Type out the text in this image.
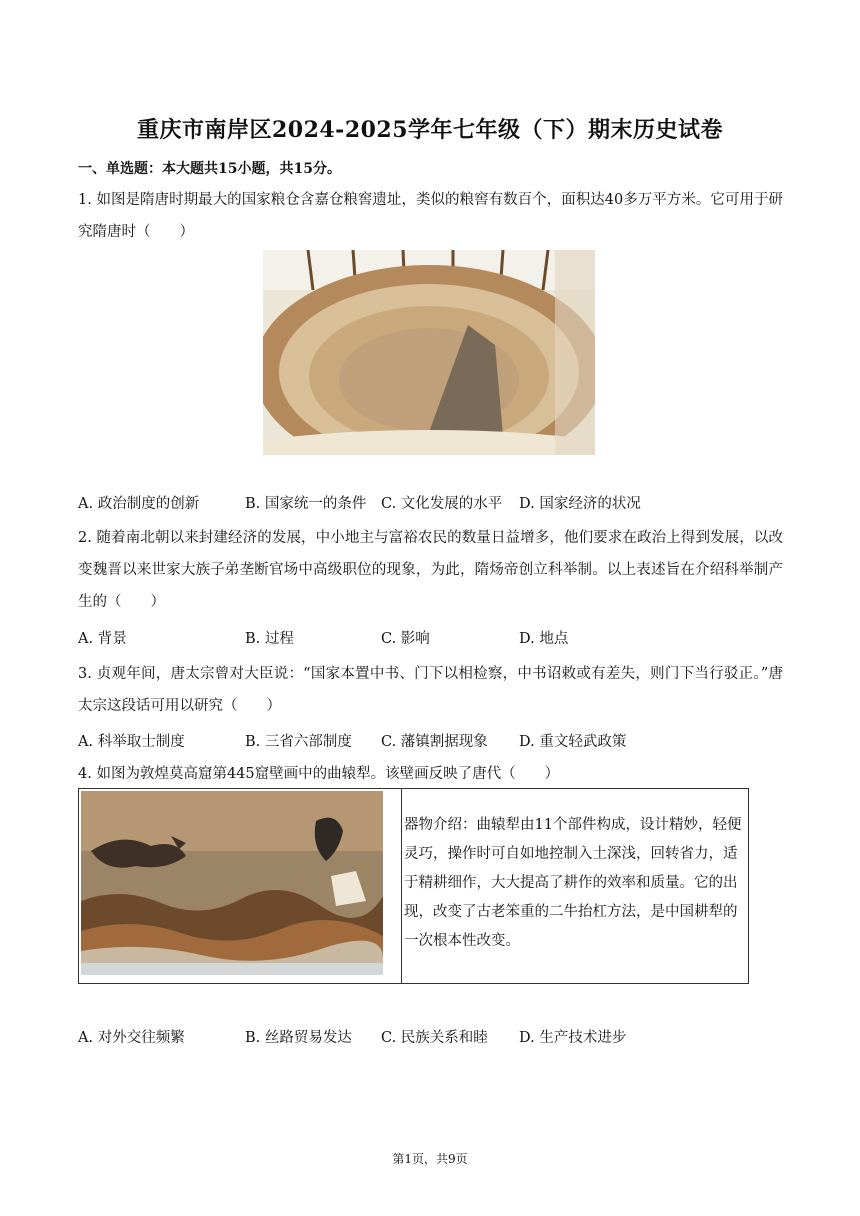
重庆市南岸区2024-2025学年七年级（下）期末历史试卷
一、单选题：本大题共15小题，共15分。
1. 如图是隋唐时期最大的国家粮仓含嘉仓粮窖遗址，类似的粮窖有数百个，面积达40多万平方米。它可用于研究隋唐时（　　）
A. 政治制度的创新	B. 国家统一的条件 C. 文化发展的水平 D. 国家经济的状况
2. 随着南北朝以来封建经济的发展，中小地主与富裕农民的数量日益增多，他们要求在政治上得到发展，以改变魏晋以来世家大族子弟垄断官场中高级职位的现象，为此，隋炀帝创立科举制。以上表述旨在介绍科举制产生的（　　）
A. 背景	B. 过程	C. 影响	D. 地点
3. 贞观年间，唐太宗曾对大臣说：“国家本置中书、门下以相检察，中书诏敕或有差失，则门下当行驳正。”唐太宗这段话可用以研究（　　）
A. 科举取士制度	B. 三省六部制度 C. 藩镇割据现象 D. 重文轻武政策
4. 如图为敦煌莫高窟第445窟壁画中的曲辕犁。该壁画反映了唐代（　　）
器物介绍：曲辕犁由11个部件构成，设计精妙，轻便灵巧，操作时可自如地控制入土深浅，回转省力，适于精耕细作，大大提高了耕作的效率和质量。它的出现，改变了古老笨重的二牛抬杠方法，是中国耕犁的一次根本性改变。
A. 对外交往频繁	B. 丝路贸易发达 C. 民族关系和睦 D. 生产技术进步
第1页，共9页
